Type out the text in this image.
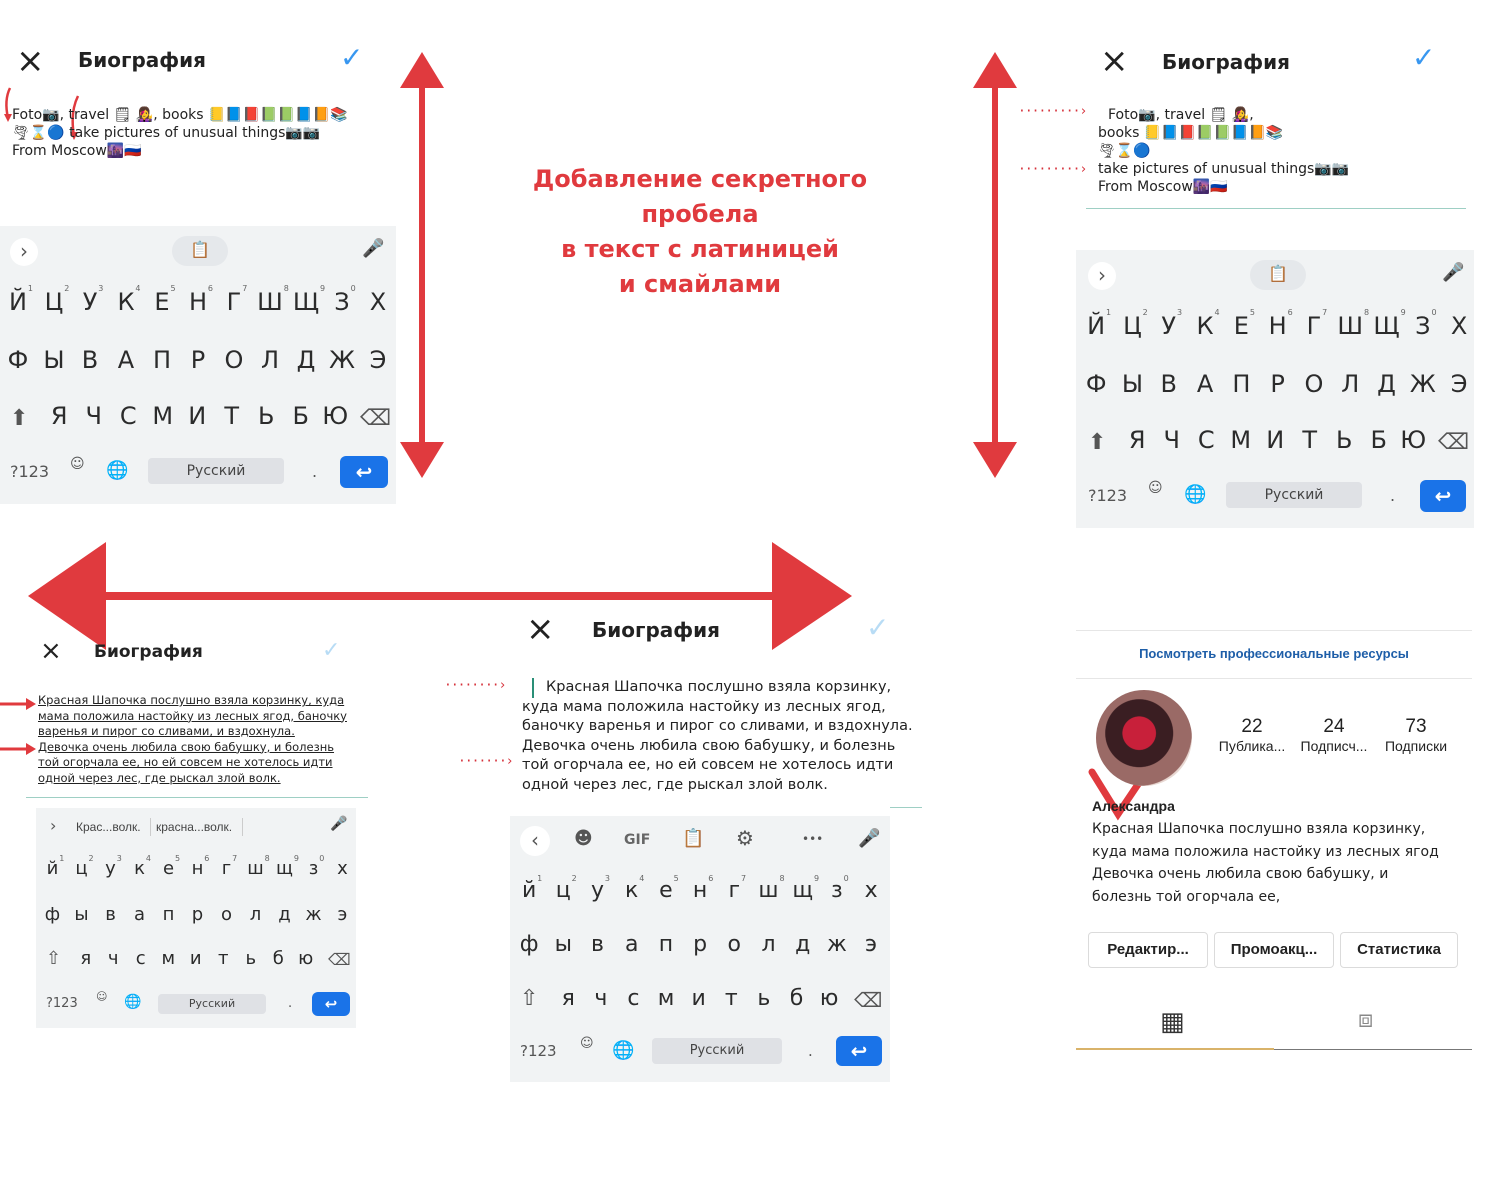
Добавление секретного
пробела
в текст с латиницей
и смайлами
× Биография	✓
Foto📷, travel 🗒 👩‍🎤, books 📒📘📕📗📗📘📙📚
🌪⌛🔵 take pictures of unusual things📷📷
From Moscow🌆🇷🇺
›	📋	🎤
Й 1 Ц 2 У 3 К 4 Е 5 Н 6 Г 7 Ш 8 Щ 9 З 0 Х
Ф Ы В А П Р О Л Д Ж Э
Я Ч С М И Т Ь Б Ю
⬆	⌫
?123 ☺ 🌐	Русский	.	↩
× Биография	✓
·········›
·········›
Foto📷, travel 🗒 👩‍🎤,
books 📒📘📕📗📗📘📙📚
🌪⌛🔵
take pictures of unusual things📷📷
From Moscow🌆🇷🇺
›	📋	🎤
Й 1 Ц 2 У 3 К 4 Е 5 Н 6 Г 7 Ш 8 Щ 9 З 0 Х
Ф Ы В А П Р О Л Д Ж Э
Я Ч С М И Т Ь Б Ю
⬆	⌫
?123 ☺ 🌐	Русский	.	↩
× Биография	✓
Красная Шапочка послушно взяла корзинку, куда
мама положила настойку из лесных ягод, баночку
варенья и пирог со сливами, и вздохнула.
Девочка очень любила свою бабушку, и болезнь
той огорчала ее, но ей совсем не хотелось идти
одной через лес, где рыскал злой волк.
› Крас...волк. красна...волк.	🎤
й 1 ц 2 у 3 к 4 е 5 н 6 г 7 ш 8 щ 9 з 0 х
ф ы в	а п р о л д ж э
я ч с м и т ь б ю
⇧	⌫
?123 ☺ 🌐	Русский	.	↩
× Биография	✓
········›
·······›
Красная Шапочка послушно взяла корзинку,
куда мама положила настойку из лесных ягод,
баночку варенья и пирог со сливами, и вздохнула.
Девочка очень любила свою бабушку, и болезнь
той огорчала ее, но ей совсем не хотелось идти
одной через лес, где рыскал злой волк.
‹	☻ GIF 📋 ⚙	••• 🎤
й 1 ц 2 у 3 к 4 е 5 н 6 г 7 ш 8 щ 9 з 0 х
ф ы в а п р о л д ж э
я ч с м и т ь б ю
⇧	⌫
?123 ☺ 🌐	Русский	.	↩
Посмотреть профессиональные ресурсы
22
Публика...
24
Подписч...
73
Подписки
Александра
Красная Шапочка послушно взяла корзинку,
куда мама положила настойку из лесных ягод
Девочка очень любила свою бабушку, и
болезнь той огорчала ее,
Редактир...	Промоакц...	Статистика
▦	⧈
